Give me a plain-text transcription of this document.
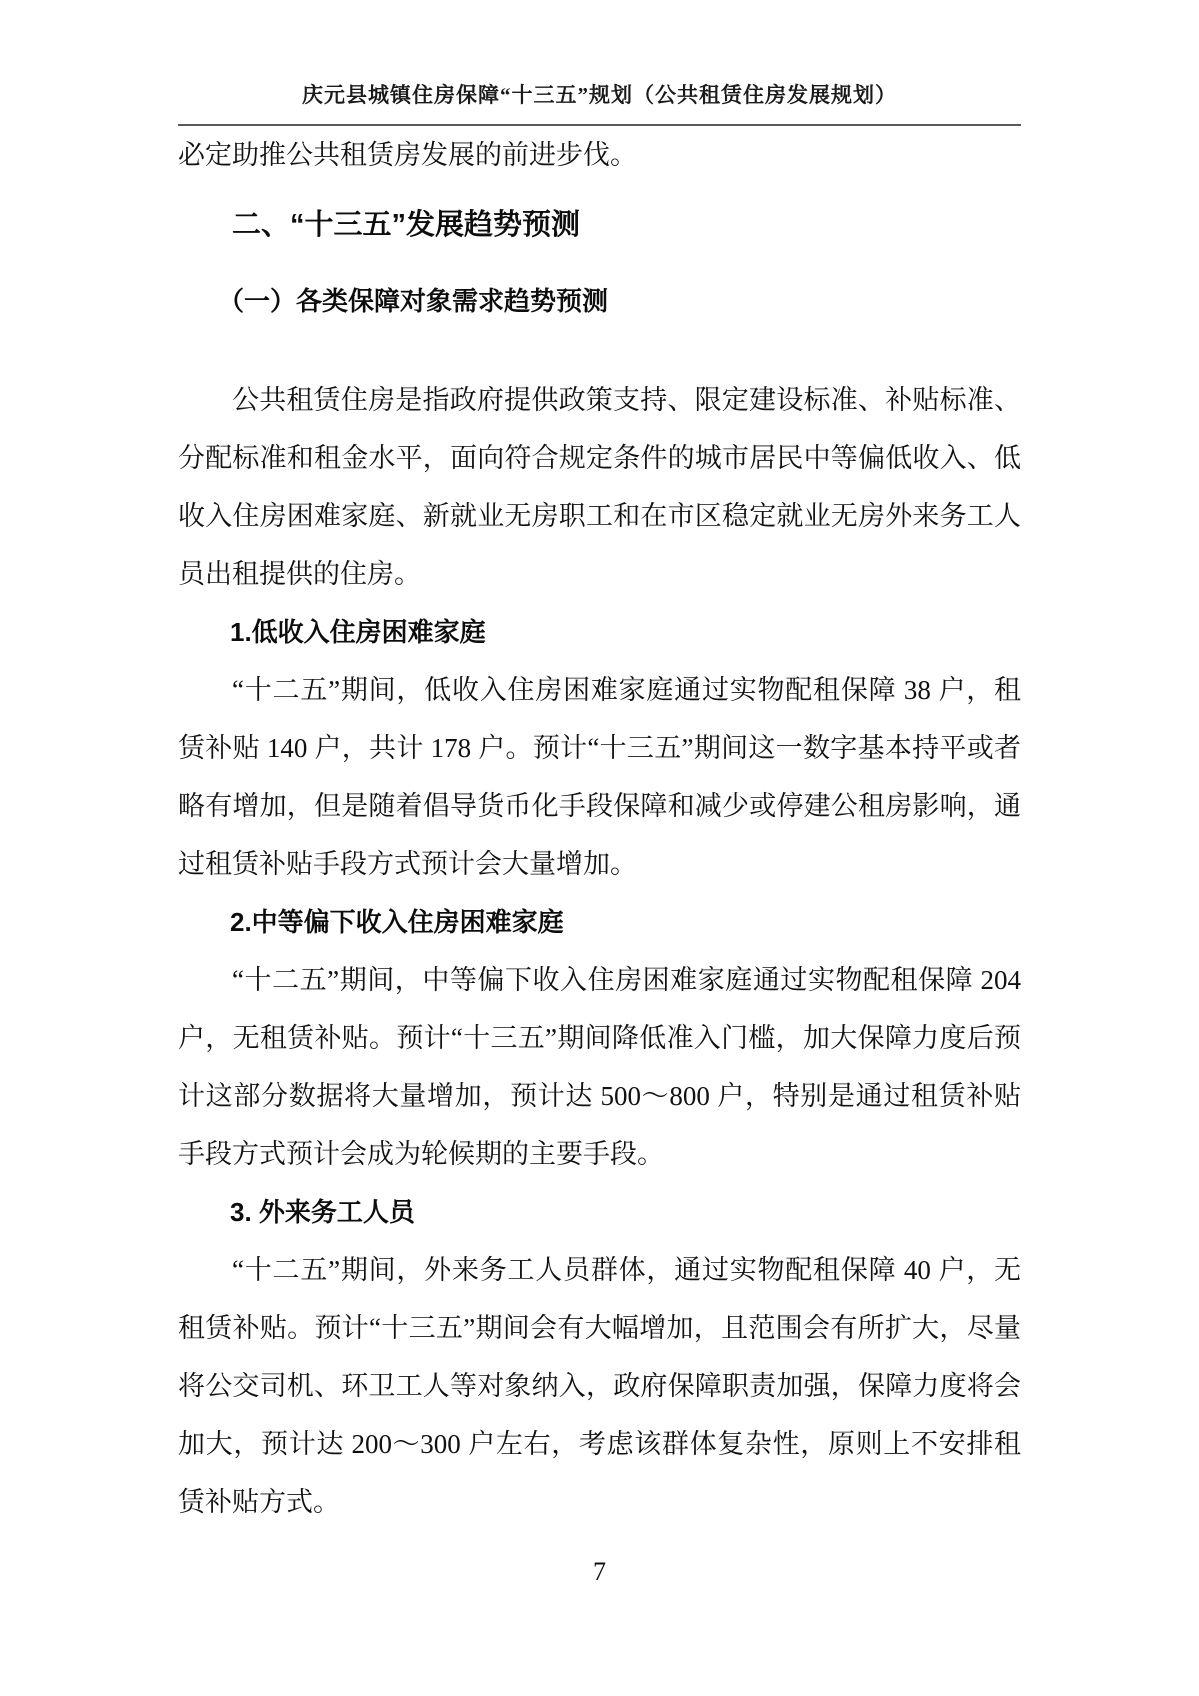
庆元县城镇住房保障“十三五”规划（公共租赁住房发展规划）

必定助推公共租赁房发展的前进步伐。

二、“十三五”发展趋势预测
（一）各类保障对象需求趋势预测

公共租赁住房是指政府提供政策支持、限定建设标准、补贴标准、分配标准和租金水平，面向符合规定条件的城市居民中等偏低收入、低收入住房困难家庭、新就业无房职工和在市区稳定就业无房外来务工人员出租提供的住房。

1.低收入住房困难家庭

“十二五”期间，低收入住房困难家庭通过实物配租保障 38 户，租赁补贴 140 户，共计 178 户。预计“十三五”期间这一数字基本持平或者略有增加，但是随着倡导货币化手段保障和减少或停建公租房影响，通过租赁补贴手段方式预计会大量增加。

2.中等偏下收入住房困难家庭

“十二五”期间，中等偏下收入住房困难家庭通过实物配租保障 204 户，无租赁补贴。预计“十三五”期间降低准入门槛，加大保障力度后预计这部分数据将大量增加，预计达 500～800 户，特别是通过租赁补贴手段方式预计会成为轮候期的主要手段。

3. 外来务工人员

“十二五”期间，外来务工人员群体，通过实物配租保障 40 户，无租赁补贴。预计“十三五”期间会有大幅增加，且范围会有所扩大，尽量将公交司机、环卫工人等对象纳入，政府保障职责加强，保障力度将会加大，预计达 200～300 户左右，考虑该群体复杂性，原则上不安排租赁补贴方式。

7
